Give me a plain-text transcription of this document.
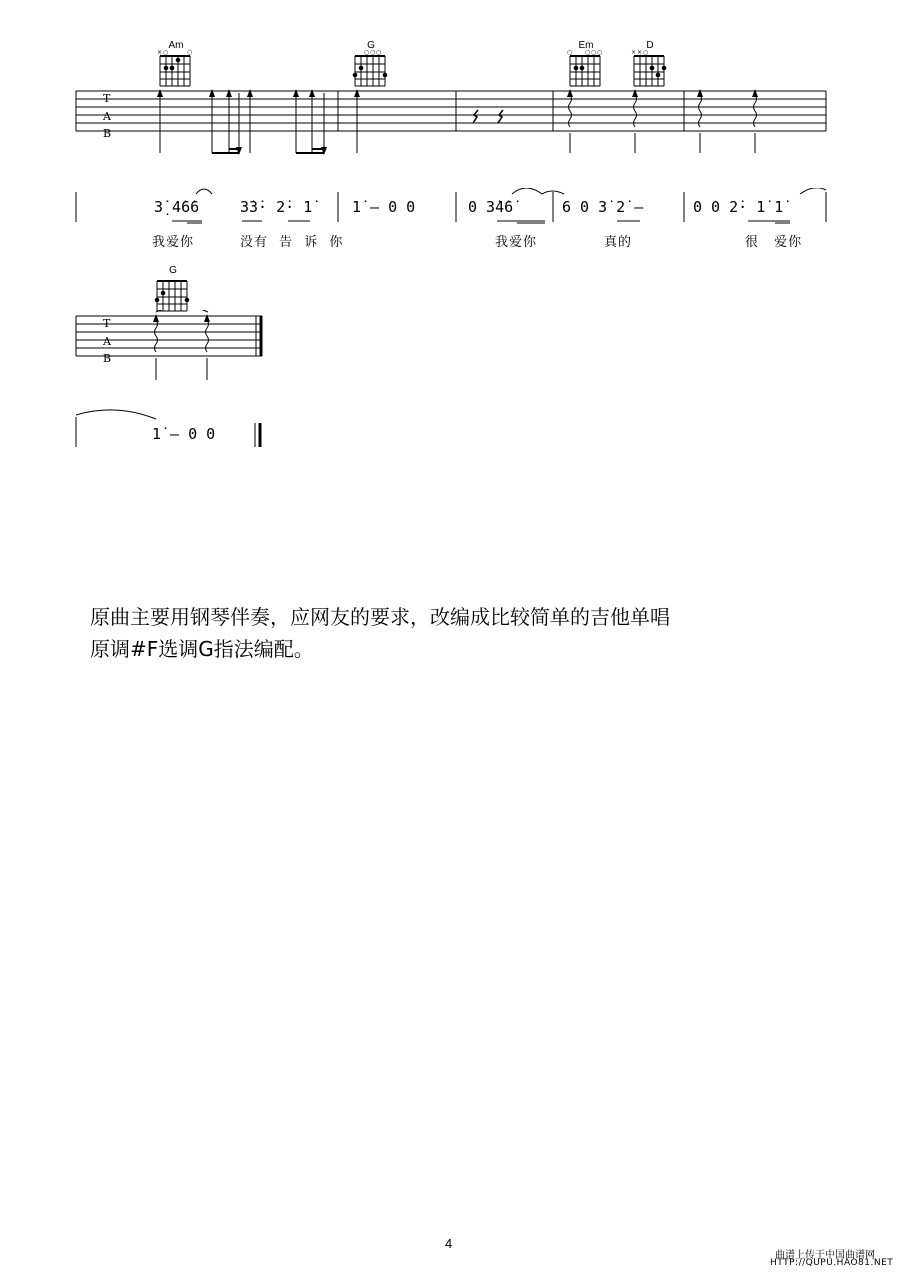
Am
× ○	○
G
○ ○ ○
Em
○ ○ ○ ○
D
× × ○
T
A
B
3̣̇ 4̇6̇6	3̇3̇· 2̇· 1̇	1̇ – 0 0	0 3̇4̇6̇	6 0 3̇ 2̇ –	0 0 2̇· 1̇ 1̇
我爱你	没有 告 诉 你	我爱你	真的	很 爱你
G
T
A
B
1̇ – 0 0
原曲主要用钢琴伴奏，应网友的要求，改编成比较简单的吉他单唱
原调#F选调G指法编配。
4
曲谱上传于中国曲谱网
HTTP://QUPU.HAO81.NET
